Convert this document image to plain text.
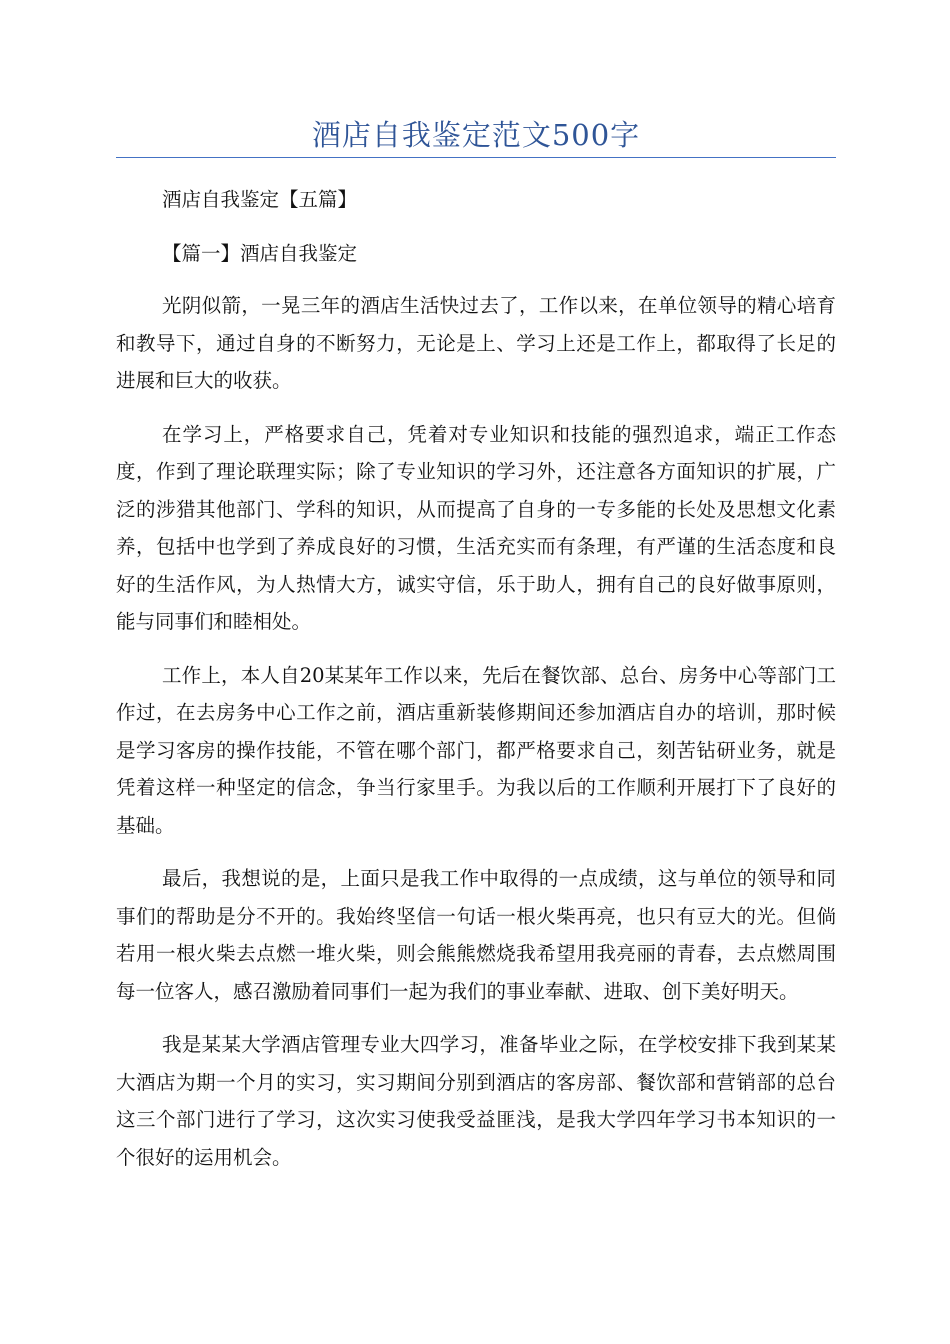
酒店自我鉴定范文500字

酒店自我鉴定【五篇】

【篇一】酒店自我鉴定

光阴似箭，一晃三年的酒店生活快过去了，工作以来，在单位领导的精心培育和教导下，通过自身的不断努力，无论是上、学习上还是工作上，都取得了长足的进展和巨大的收获。

在学习上，严格要求自己，凭着对专业知识和技能的强烈追求，端正工作态度，作到了理论联理实际；除了专业知识的学习外，还注意各方面知识的扩展，广泛的涉猎其他部门、学科的知识，从而提高了自身的一专多能的长处及思想文化素养，包括中也学到了养成良好的习惯，生活充实而有条理，有严谨的生活态度和良好的生活作风，为人热情大方，诚实守信，乐于助人，拥有自己的良好做事原则，能与同事们和睦相处。

工作上，本人自20某某年工作以来，先后在餐饮部、总台、房务中心等部门工作过，在去房务中心工作之前，酒店重新装修期间还参加酒店自办的培训，那时候是学习客房的操作技能，不管在哪个部门，都严格要求自己，刻苦钻研业务，就是凭着这样一种坚定的信念，争当行家里手。为我以后的工作顺利开展打下了良好的基础。

最后，我想说的是，上面只是我工作中取得的一点成绩，这与单位的领导和同事们的帮助是分不开的。我始终坚信一句话一根火柴再亮，也只有豆大的光。但倘若用一根火柴去点燃一堆火柴，则会熊熊燃烧我希望用我亮丽的青春，去点燃周围每一位客人，感召激励着同事们一起为我们的事业奉献、进取、创下美好明天。

我是某某大学酒店管理专业大四学习，准备毕业之际，在学校安排下我到某某大酒店为期一个月的实习，实习期间分别到酒店的客房部、餐饮部和营销部的总台这三个部门进行了学习，这次实习使我受益匪浅，是我大学四年学习书本知识的一个很好的运用机会。
